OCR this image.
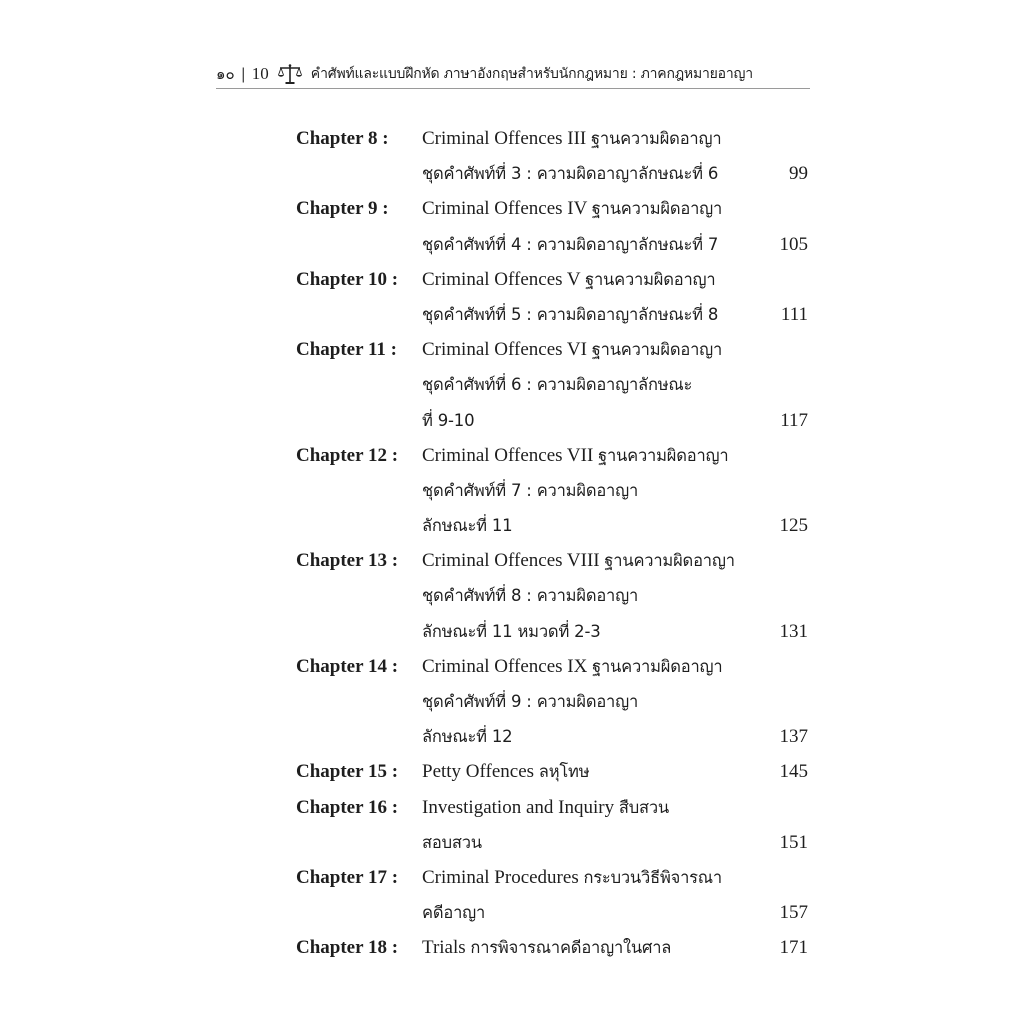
๑๐ | 10	คำศัพท์และแบบฝึกหัด ภาษาอังกฤษสำหรับนักกฎหมาย : ภาคกฎหมายอาญา
Chapter 8 :	Criminal Offences III ฐานความผิดอาญา
ชุดคำศัพท์ที่ 3 : ความผิดอาญาลักษณะที่ 6	99
Chapter 9 :	Criminal Offences IV ฐานความผิดอาญา
ชุดคำศัพท์ที่ 4 : ความผิดอาญาลักษณะที่ 7	105
Chapter 10 :	Criminal Offences V ฐานความผิดอาญา
ชุดคำศัพท์ที่ 5 : ความผิดอาญาลักษณะที่ 8	111
Chapter 11 :	Criminal Offences VI ฐานความผิดอาญา
ชุดคำศัพท์ที่ 6 : ความผิดอาญาลักษณะ
ที่ 9-10	117
Chapter 12 :	Criminal Offences VII ฐานความผิดอาญา
ชุดคำศัพท์ที่ 7 : ความผิดอาญา
ลักษณะที่ 11	125
Chapter 13 :	Criminal Offences VIII ฐานความผิดอาญา
ชุดคำศัพท์ที่ 8 : ความผิดอาญา
ลักษณะที่ 11 หมวดที่ 2-3	131
Chapter 14 :	Criminal Offences IX ฐานความผิดอาญา
ชุดคำศัพท์ที่ 9 : ความผิดอาญา
ลักษณะที่ 12	137
Chapter 15 :	Petty Offences ลหุโทษ	145
Chapter 16 :	Investigation and Inquiry สืบสวน
สอบสวน	151
Chapter 17 :	Criminal Procedures กระบวนวิธีพิจารณา
คดีอาญา	157
Chapter 18 :	Trials การพิจารณาคดีอาญาในศาล	171
